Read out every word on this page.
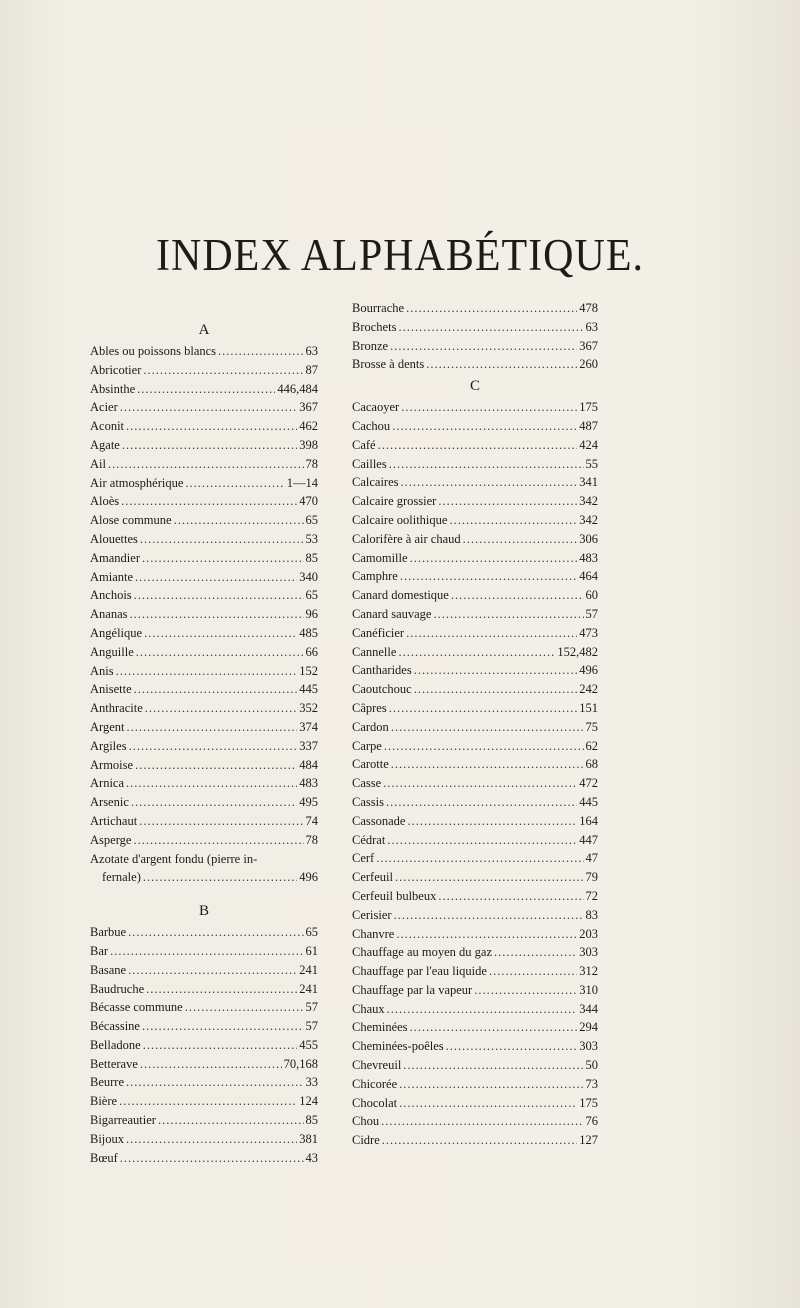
INDEX ALPHABÉTIQUE.
A
Ables ou poissons blancs .....	63
Abricotier .....	87
Absinthe .....	446,484
Acier .....	367
Aconit .....	462
Agate .....	398
Ail .....	78
Air atmosphérique .....	1—14
Aloès .....	470
Alose commune .....	65
Alouettes .....	53
Amandier .....	85
Amiante .....	340
Anchois .....	65
Ananas .....	96
Angélique .....	485
Anguille .....	66
Anis .....	152
Anisette .....	445
Anthracite .....	352
Argent .....	374
Argiles .....	337
Armoise .....	484
Arnica .....	483
Arsenic .....	495
Artichaut .....	74
Asperge .....	78
Azotate d'argent fondu (pierre in-
fernale) .....	496
B
Barbue .....	65
Bar .....	61
Basane .....	241
Baudruche .....	241
Bécasse commune .....	57
Bécassine .....	57
Belladone .....	455
Betterave .....	70,168
Beurre .....	33
Bière .....	124
Bigarreautier .....	85
Bijoux .....	381
Bœuf .....	43
Bourrache .....	478
Brochets .....	63
Bronze .....	367
Brosse à dents .....	260
C
Cacaoyer .....	175
Cachou .....	487
Café .....	424
Cailles .....	55
Calcaires .....	341
Calcaire grossier .....	342
Calcaire oolithique .....	342
Calorifère à air chaud .....	306
Camomille .....	483
Camphre .....	464
Canard domestique .....	60
Canard sauvage .....	57
Canéficier .....	473
Cannelle .....	152,482
Cantharides .....	496
Caoutchouc .....	242
Câpres .....	151
Cardon .....	75
Carpe .....	62
Carotte .....	68
Casse .....	472
Cassis .....	445
Cassonade .....	164
Cédrat .....	447
Cerf .....	47
Cerfeuil .....	79
Cerfeuil bulbeux .....	72
Cerisier .....	83
Chanvre .....	203
Chauffage au moyen du gaz .....	303
Chauffage par l'eau liquide .....	312
Chauffage par la vapeur .....	310
Chaux .....	344
Cheminées .....	294
Cheminées-poêles .....	303
Chevreuil .....	50
Chicorée .....	73
Chocolat .....	175
Chou .....	76
Cidre .....	127
